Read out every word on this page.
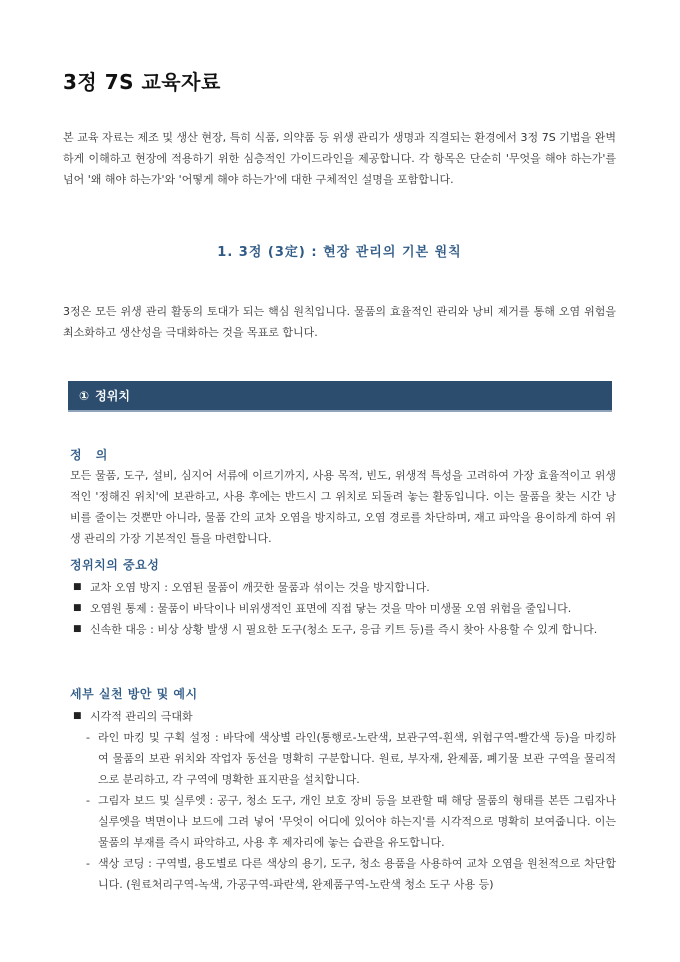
3정 7S 교육자료

본 교육 자료는 제조 및 생산 현장, 특히 식품, 의약품 등 위생 관리가 생명과 직결되는 환경에서 3정 7S 기법을 완벽하게 이해하고 현장에 적용하기 위한 심층적인 가이드라인을 제공합니다. 각 항목은 단순히 '무엇을 해야 하는가'를 넘어 '왜 해야 하는가'와 '어떻게 해야 하는가'에 대한 구체적인 설명을 포함합니다.

1. 3정 (3定) : 현장 관리의 기본 원칙

3정은 모든 위생 관리 활동의 토대가 되는 핵심 원칙입니다. 물품의 효율적인 관리와 낭비 제거를 통해 오염 위험을 최소화하고 생산성을 극대화하는 것을 목표로 합니다.

① 정위치
정 의

모든 물품, 도구, 설비, 심지어 서류에 이르기까지, 사용 목적, 빈도, 위생적 특성을 고려하여 가장 효율적이고 위생적인 '정해진 위치'에 보관하고, 사용 후에는 반드시 그 위치로 되돌려 놓는 활동입니다. 이는 물품을 찾는 시간 낭비를 줄이는 것뿐만 아니라, 물품 간의 교차 오염을 방지하고, 오염 경로를 차단하며, 재고 파악을 용이하게 하여 위생 관리의 가장 기본적인 틀을 마련합니다.

정위치의 중요성
■ 교차 오염 방지 : 오염된 물품이 깨끗한 물품과 섞이는 것을 방지합니다.
■ 오염원 통제 : 물품이 바닥이나 비위생적인 표면에 직접 닿는 것을 막아 미생물 오염 위험을 줄입니다.
■ 신속한 대응 : 비상 상황 발생 시 필요한 도구(청소 도구, 응급 키트 등)를 즉시 찾아 사용할 수 있게 합니다.
세부 실천 방안 및 예시
■ 시각적 관리의 극대화
- 라인 마킹 및 구획 설정 : 바닥에 색상별 라인(통행로-노란색, 보관구역-흰색, 위험구역-빨간색 등)을 마킹하여 물품의 보관 위치와 작업자 동선을 명확히 구분합니다. 원료, 부자재, 완제품, 폐기물 보관 구역을 물리적으로 분리하고, 각 구역에 명확한 표지판을 설치합니다.
- 그림자 보드 및 실루엣 : 공구, 청소 도구, 개인 보호 장비 등을 보관할 때 해당 물품의 형태를 본뜬 그림자나 실루엣을 벽면이나 보드에 그려 넣어 '무엇이 어디에 있어야 하는지'를 시각적으로 명확히 보여줍니다. 이는 물품의 부재를 즉시 파악하고, 사용 후 제자리에 놓는 습관을 유도합니다.
- 색상 코딩 : 구역별, 용도별로 다른 색상의 용기, 도구, 청소 용품을 사용하여 교차 오염을 원천적으로 차단합니다. (원료처리구역-녹색, 가공구역-파란색, 완제품구역-노란색 청소 도구 사용 등)
